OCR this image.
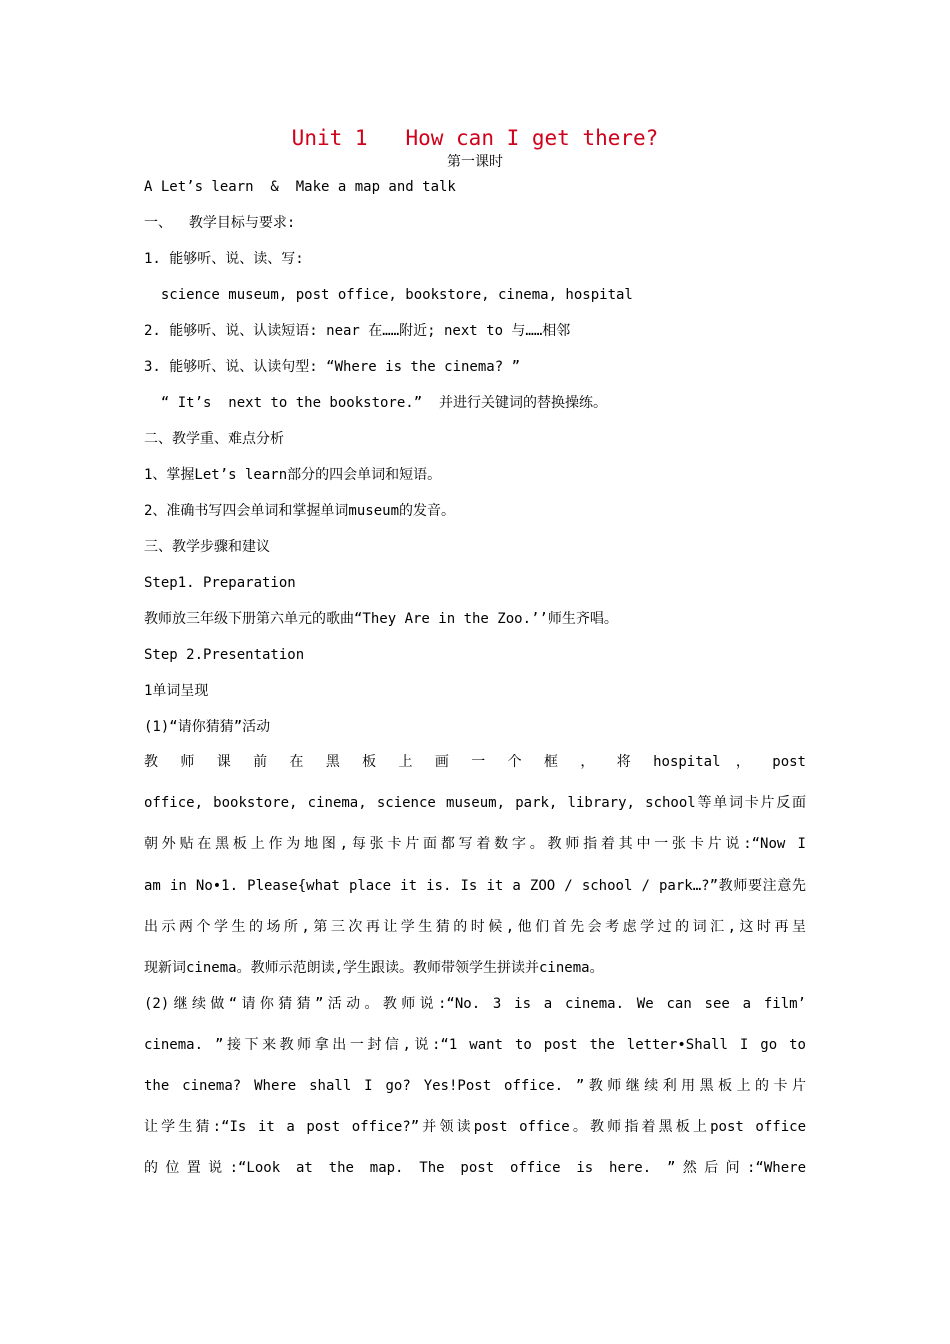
Unit 1   How can I get there?
第一课时
A Let’s learn  &  Make a map and talk
一、  教学目标与要求:
1. 能够听、说、读、写:
science museum, post office, bookstore, cinema, hospital
2. 能够听、说、认读短语: near 在……附近; next to 与……相邻
3. 能够听、说、认读句型: “Where is the cinema? ”
“ It’s  next to the bookstore.”  并进行关键词的替换操练。
二、教学重、难点分析
1、掌握Let’s learn部分的四会单词和短语。
2、准确书写四会单词和掌握单词museum的发音。
三、教学步骤和建议
Step1. Preparation
教师放三年级下册第六单元的歌曲“They Are in the Zoo.’’师生齐唱。
Step 2.Presentation
1单词呈现
(1)“请你猜猜”活动
教 师 课 前 在 黑 板 上 画 一 个 框 ， 将 hospital ， post
office, bookstore, cinema, science museum, park, library, school等单词卡片反面
朝外贴在黑板上作为地图,每张卡片面都写着数字。教师指着其中一张卡片说:“Now I
am in No•1. Please{what place it is. Is it a ZOO / school / park…?”教师要注意先
出示两个学生的场所,第三次再让学生猜的时候,他们首先会考虑学过的词汇,这时再呈
现新词cinema。教师示范朗读,学生跟读。教师带领学生拼读并cinema。
(2)继续做“请你猜猜”活动。教师说:“No. 3 is a cinema. We can see a film’
cinema. ”接下来教师拿出一封信,说:“1 want to post the letter•Shall I go to
the cinema? Where shall I go? Yes!Post office. ”教师继续利用黑板上的卡片
让学生猜:“Is it a post office?”并领读post office。教师指着黑板上post office
的位置说:“Look at the map. The post office is here. ”然后问:“Where
